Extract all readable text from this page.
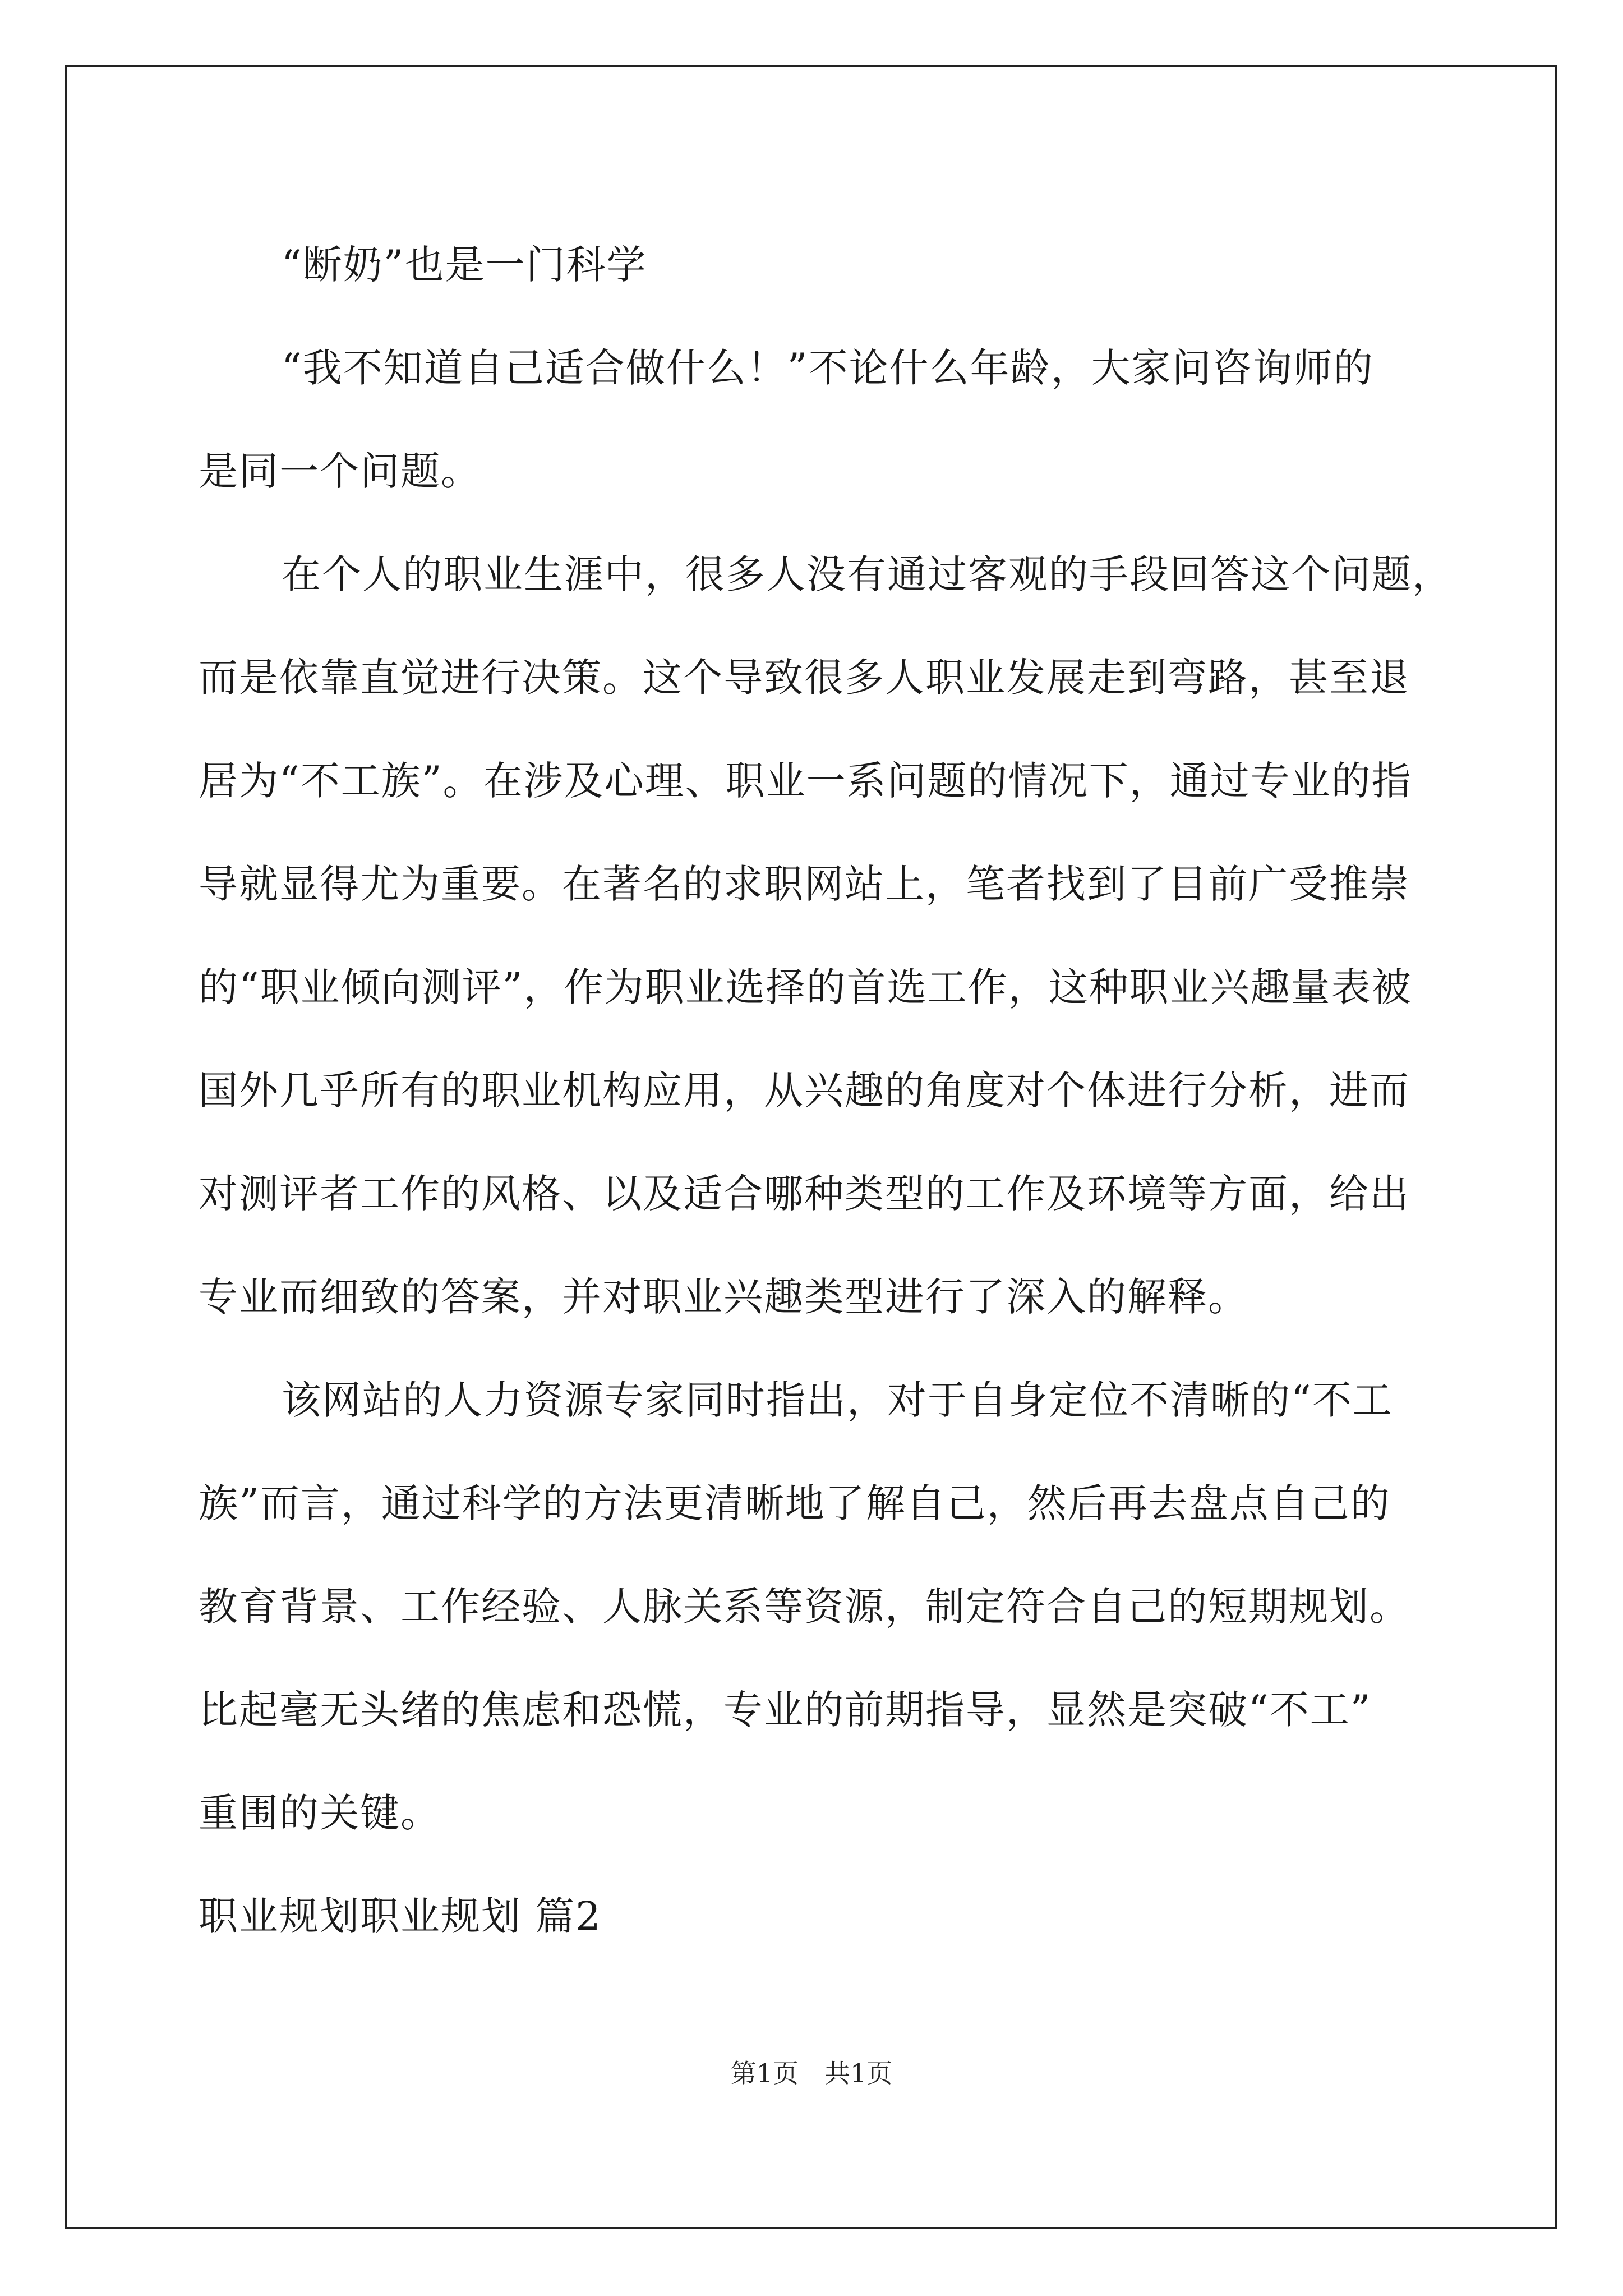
“断奶”也是一门科学
“我不知道自己适合做什么！”不论什么年龄，大家问咨询师的
是同一个问题。
在个人的职业生涯中，很多人没有通过客观的手段回答这个问题，
而是依靠直觉进行决策。这个导致很多人职业发展走到弯路，甚至退
居为“不工族”。在涉及心理、职业一系问题的情况下，通过专业的指
导就显得尤为重要。在著名的求职网站上，笔者找到了目前广受推崇
的“职业倾向测评”，作为职业选择的首选工作，这种职业兴趣量表被
国外几乎所有的职业机构应用，从兴趣的角度对个体进行分析，进而
对测评者工作的风格、以及适合哪种类型的工作及环境等方面，给出
专业而细致的答案，并对职业兴趣类型进行了深入的解释。
该网站的人力资源专家同时指出，对于自身定位不清晰的“不工
族”而言，通过科学的方法更清晰地了解自己，然后再去盘点自己的
教育背景、工作经验、人脉关系等资源，制定符合自己的短期规划。
比起毫无头绪的焦虑和恐慌，专业的前期指导，显然是突破“不工”
重围的关键。
职业规划职业规划 篇2
第1页　共1页
